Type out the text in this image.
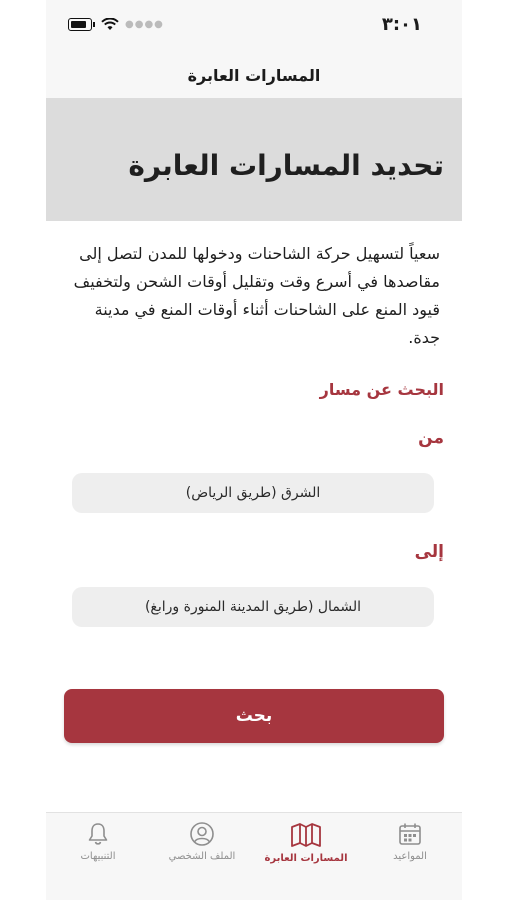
●●●●	٣:٠١
المسارات العابرة
تحديد المسارات العابرة
سعياً لتسهيل حركة الشاحنات ودخولها للمدن لتصل إلى مقاصدها في أسرع وقت وتقليل أوقات الشحن ولتخفيف قيود المنع على الشاحنات أثناء أوقات المنع في مدينة جدة.
البحث عن مسار
من
الشرق (طريق الرياض)
إلى
الشمال (طريق المدينة المنورة ورابغ)
بحث
المواعيد
المسارات العابرة
الملف الشخصي
التنبيهات
